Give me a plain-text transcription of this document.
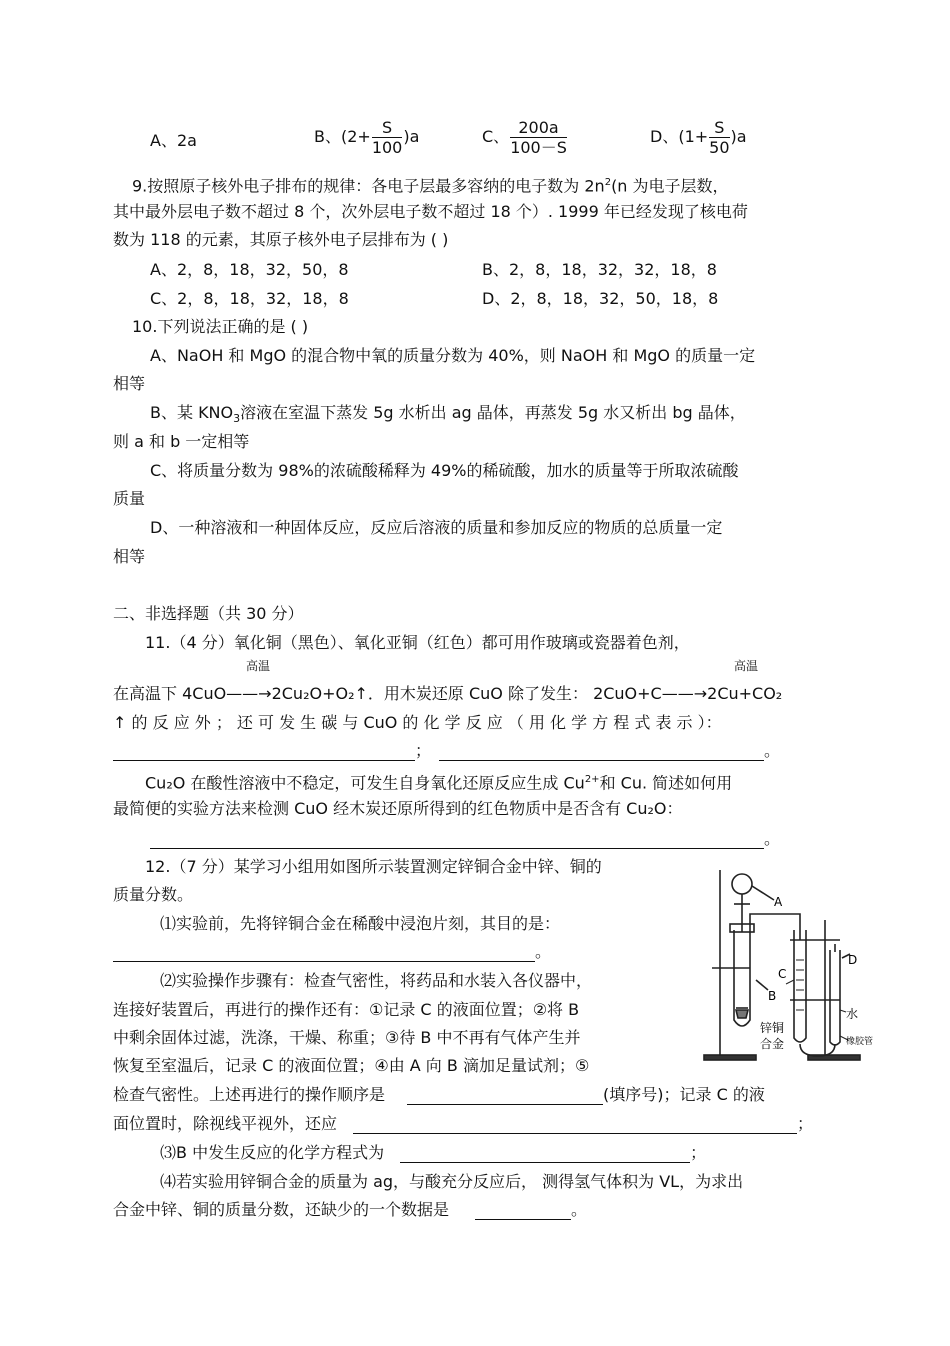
A、2a	B、$(2+ \frac{S}{100} )a$	C、 $\frac{200a}{100-S}$	D、$(1+ \frac{S}{50} )a$
9.按照原子核外电子排布的规律：各电子层最多容纳的电子数为 $2n^2(n$ 为电子层数，
其中最外层电子数不超过 8 个，次外层电子数不超过 18 个）. 1999 年已经发现了核电荷
数为 118 的元素，其原子核外电子层排布为 ( )
A、2，8，18，32，50，8	B、2，8，18，32，32，18，8
C、2，8，18，32，18，8	D、2，8，18，32，50，18，8
10.下列说法正确的是 ( )
A、NaOH 和 MgO 的混合物中氧的质量分数为 40%，则 NaOH 和 MgO 的质量一定
相等
B、某 $KNO_3$溶液在室温下蒸发 5g 水析出 ag 晶体，再蒸发 5g 水又析出 bg 晶体，
则 a 和 b 一定相等
C、将质量分数为 98%的浓硫酸稀释为 49%的稀硫酸，加水的质量等于所取浓硫酸
质量
D、一种溶液和一种固体反应，反应后溶液的质量和参加反应的物质的总质量一定
相等
二、非选择题（共 30 分）
11.（4 分）氧化铜（黑色）、氧化亚铜（红色）都可用作玻璃或瓷器着色剂，
高温	高温
在高温下 4CuO——→2Cu₂O+O₂↑．用木炭还原 CuO 除了发生： 2CuO+C——→2Cu+CO₂
↑ 的 反 应 外 ； 还 可 发 生 碳 与 CuO 的 化 学 反 应 （ 用 化 学 方 程 式 表 示 ）：
；	。
Cu₂O 在酸性溶液中不稳定，可发生自身氧化还原反应生成 $Cu^{2+}$和 Cu. 简述如何用
最简便的实验方法来检测 CuO 经木炭还原所得到的红色物质中是否含有 Cu₂O：
。
12.（7 分）某学习小组用如图所示装置测定锌铜合金中锌、铜的
质量分数。
⑴实验前，先将锌铜合金在稀酸中浸泡片刻，其目的是：
。
⑵实验操作步骤有：检查气密性，将药品和水装入各仪器中，
连接好装置后，再进行的操作还有：①记录 C 的液面位置；②将 B
中剩余固体过滤，洗涤，干燥、称重；③待 B 中不再有气体产生并
恢复至室温后，记录 C 的液面位置；④由 A 向 B 滴加足量试剂；⑤
检查气密性。上述再进行的操作顺序是	(填序号)；记录 C 的液
面位置时，除视线平视外，还应	；
⑶B 中发生反应的化学方程式为	；
⑷若实验用锌铜合金的质量为 ag，与酸充分反应后， 测得氢气体积为 VL，为求出
合金中锌、铜的质量分数，还缺少的一个数据是	。
A
B
C
D
水
锌铜
合金	橡胶管
